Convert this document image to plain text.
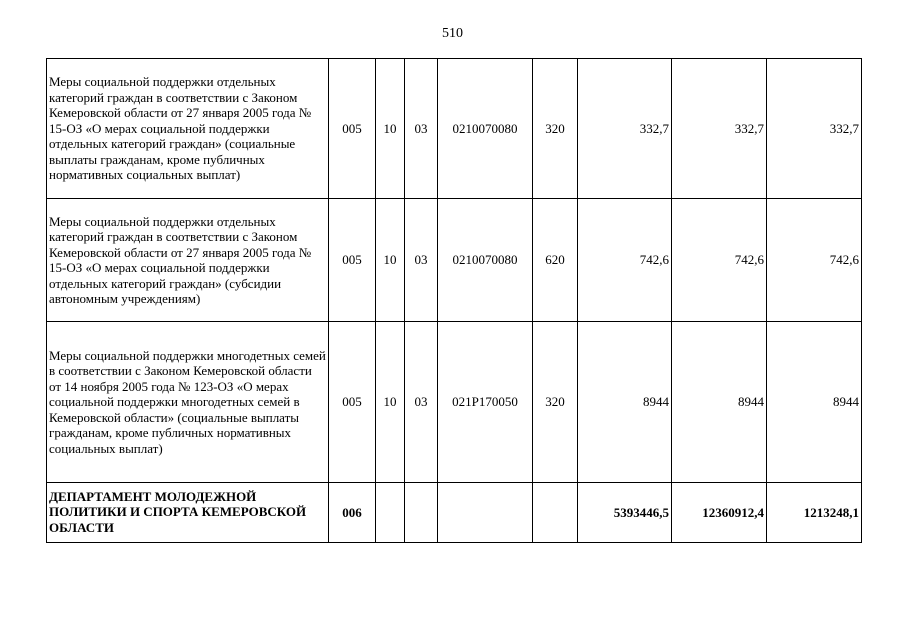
510
Меры социальной поддержки отдельных категорий граждан в соответствии с Законом Кемеровской области от 27 января 2005 года № 15-ОЗ «О мерах социальной поддержки отдельных категорий граждан» (социальные выплаты гражданам, кроме публичных нормативных социальных выплат)	005	10	03	0210070080	320	332,7	332,7	332,7
Меры социальной поддержки отдельных категорий граждан в соответствии с Законом Кемеровской области от 27 января 2005 года № 15-ОЗ «О мерах социальной поддержки отдельных категорий граждан» (субсидии автономным учреждениям)	005	10	03	0210070080	620	742,6	742,6	742,6
Меры социальной поддержки многодетных семей в соответствии с Законом Кемеровской области от 14 ноября 2005 года № 123-ОЗ «О мерах социальной поддержки многодетных семей в Кемеровской области» (социальные выплаты гражданам, кроме публичных нормативных социальных выплат)	005	10	03	021Р170050	320	8944	8944	8944
ДЕПАРТАМЕНТ МОЛОДЕЖНОЙ ПОЛИТИКИ И СПОРТА КЕМЕРОВСКОЙ ОБЛАСТИ	006					5393446,5	12360912,4	1213248,1
